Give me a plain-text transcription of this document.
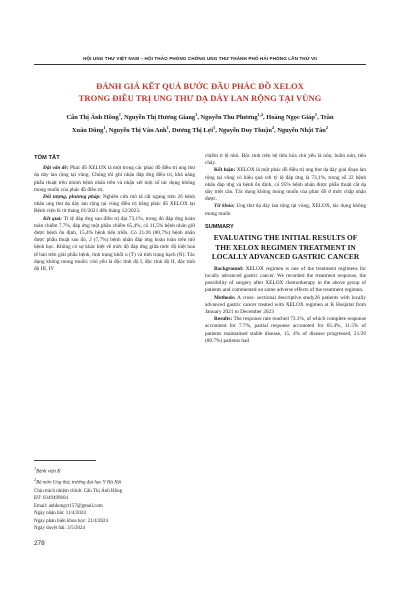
HỘI UNG THƯ VIỆT NAM – HỘI THẢO PHÒNG CHỐNG UNG THƯ THÀNH PHỐ HẢI PHÒNG LẦN THỨ VII
ĐÁNH GIÁ KẾT QUẢ BƯỚC ĐẦU PHÁC ĐỒ XELOX
TRONG ĐIỀU TRỊ UNG THƯ DẠ DÀY LAN RỘNG TẠI VÙNG
Cấn Thị Ánh Hồng$^1$, Nguyễn Thị Hương Giang$^1$, Nguyễn Thu Phương$^{1,2}$, Hoàng Ngọc Giáp$^1$, Trần Xuân Dũng$^1$, Nguyễn Thị Vân Anh$^1$, Dương Thị Lợi$^1$, Nguyễn Duy Thuận$^2$, Nguyễn Nhật Tân$^2$
TÓM TẮT

Đặt vấn đề: Phác đồ XELOX là một trong các phác đồ điều trị ung thư dạ dày lan rộng tại vùng. Chúng tôi ghi nhận đáp ứng điều trị, khả năng phẫu thuật trên nhóm bệnh nhân trên và nhận xét một số tác dụng không mong muốn của phác đồ điều trị.

Đối tượng, phương pháp: Nghiên cứu mô tả cắt ngang trên 26 bệnh nhân ung thư dạ dày lan rộng tại vùng điều trị bằng phác đồ XELOX tại Bệnh viện K từ tháng 01/2021 đến tháng 12/2023.

Kết quả: Tỉ lệ đáp ứng sau điều trị đạt 73,1%, trong đó đáp ứng hoàn toàn chiếm 7,7%, đáp ứng một phần chiếm 65,4%, có 11,5% bệnh nhân giữ được bệnh ổn định, 15,4% bệnh tiến triển. Có 21/26 (80,7%) bệnh nhân được phẫu thuật sau đó, 2 (7,7%) bệnh nhân đáp ứng hoàn toàn trên mô bệnh học. Không có sự khác biệt về mức độ đáp ứng giữa mức độ biệt hoá tế bào trên giải phẫu bệnh, tình trạng khối u (T) và tình trạng hạch (N). Tác dụng không mong muốn: chủ yếu là độc tính độ I, độc tính độ II, độc tính độ III, IV

$^1$Bệnh viện K
$^2$Bộ môn Ung thư, trường đại học Y Hà Nội
Chịu trách nhiệm chính: Cấn Thị Ánh Hồng
ĐT: 0349499604
Email: anhhongct157@gmail.com
Ngày nhận bài: 11/4/2024
Ngày phản biện khoa học: 21/4/2024
Ngày duyệt bài: 3/5/2024

chiếm tỉ lệ nhỏ. Độc tính trên hệ tiêu hóa chủ yếu là nôn, buồn nôn, tiêu chảy.

Kết luận: XELOX là một phác đồ điều trị ung thư dạ dày giai đoạn lan rộng tại vùng có hiệu quả với tỷ lệ đáp ứng là 73,1%, trong số 22 bệnh nhân đáp ứng và bệnh ổn định, có 95% bệnh nhân được phẫu thuật cắt dạ dày triệt căn. Tác dụng không mong muốn của phác đồ ở mức chấp nhận được.

Từ khóa: Ung thư dạ dày lan rộng tại vùng, XELOX, tác dụng không mong muốn

SUMMARY
EVALUATING THE INITIAL RESULTS OF THE XELOX REGIMEN TREATMENT IN LOCALLY ADVANCED GASTRIC CANCER

Background: XELOX regimen is one of the treatment regimens for locally advanced gastric cancer. We recorded the treatment response, the possibility of surgery after XELOX chemotherapy in the above group of patients and commented on some adverse effects of the treatment regimen.

Methods: A cross- sectional descriptive study26 patients with locally advanced gastric cancer treated with XELOX regimen at K Hospital from January 2021 to December 2023

Results: The response rate reached 73.1%, of which complete response accounted for 7.7%, partial response accounted for 65.4%, 11.5% of patients maintained stable disease, 15, 4% of disease progressed, 21/26 (80.7%) patients had

278
